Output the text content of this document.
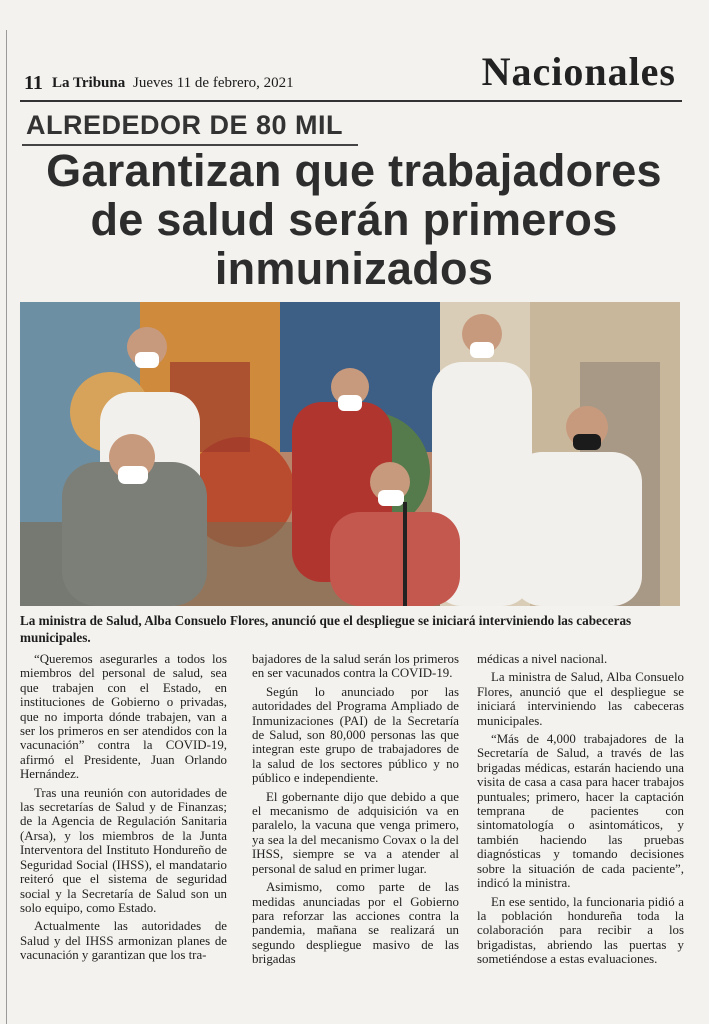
11 La Tribuna Jueves 11 de febrero, 2021	Nacionales
ALREDEDOR DE 80 MIL
Garantizan que trabajadores de salud serán primeros inmunizados
La ministra de Salud, Alba Consuelo Flores, anunció que el despliegue se iniciará interviniendo las cabeceras municipales.

“Queremos asegurarles a todos los miembros del personal de salud, sea que trabajen con el Estado, en instituciones de Gobierno o privadas, que no importa dónde trabajen, van a ser los primeros en ser atendidos con la vacunación” contra la COVID-19, afirmó el Presidente, Juan Orlando Hernández.

Tras una reunión con autoridades de las secretarías de Salud y de Finanzas; de la Agencia de Regulación Sanitaria (Arsa), y los miembros de la Junta Interventora del Instituto Hondureño de Seguridad Social (IHSS), el mandatario reiteró que el sistema de seguridad social y la Secretaría de Salud son un solo equipo, como Estado.

Actualmente las autoridades de Salud y del IHSS armonizan planes de vacunación y garantizan que los tra-

bajadores de la salud serán los primeros en ser vacunados contra la COVID-19.

Según lo anunciado por las autoridades del Programa Ampliado de Inmunizaciones (PAI) de la Secretaría de Salud, son 80,000 personas las que integran este grupo de trabajadores de la salud de los sectores público y no público e independiente.

El gobernante dijo que debido a que el mecanismo de adquisición va en paralelo, la vacuna que venga primero, ya sea la del mecanismo Covax o la del IHSS, siempre se va a atender al personal de salud en primer lugar.

Asimismo, como parte de las medidas anunciadas por el Gobierno para reforzar las acciones contra la pandemia, mañana se realizará un segundo despliegue masivo de las brigadas

médicas a nivel nacional.

La ministra de Salud, Alba Consuelo Flores, anunció que el despliegue se iniciará interviniendo las cabeceras municipales.

“Más de 4,000 trabajadores de la Secretaría de Salud, a través de las brigadas médicas, estarán haciendo una visita de casa a casa para hacer trabajos puntuales; primero, hacer la captación temprana de pacientes con sintomatología o asintomáticos, y también haciendo las pruebas diagnósticas y tomando decisiones sobre la situación de cada paciente”, indicó la ministra.

En ese sentido, la funcionaria pidió a la población hondureña toda la colaboración para recibir a los brigadistas, abriendo las puertas y sometiéndose a estas evaluaciones.
